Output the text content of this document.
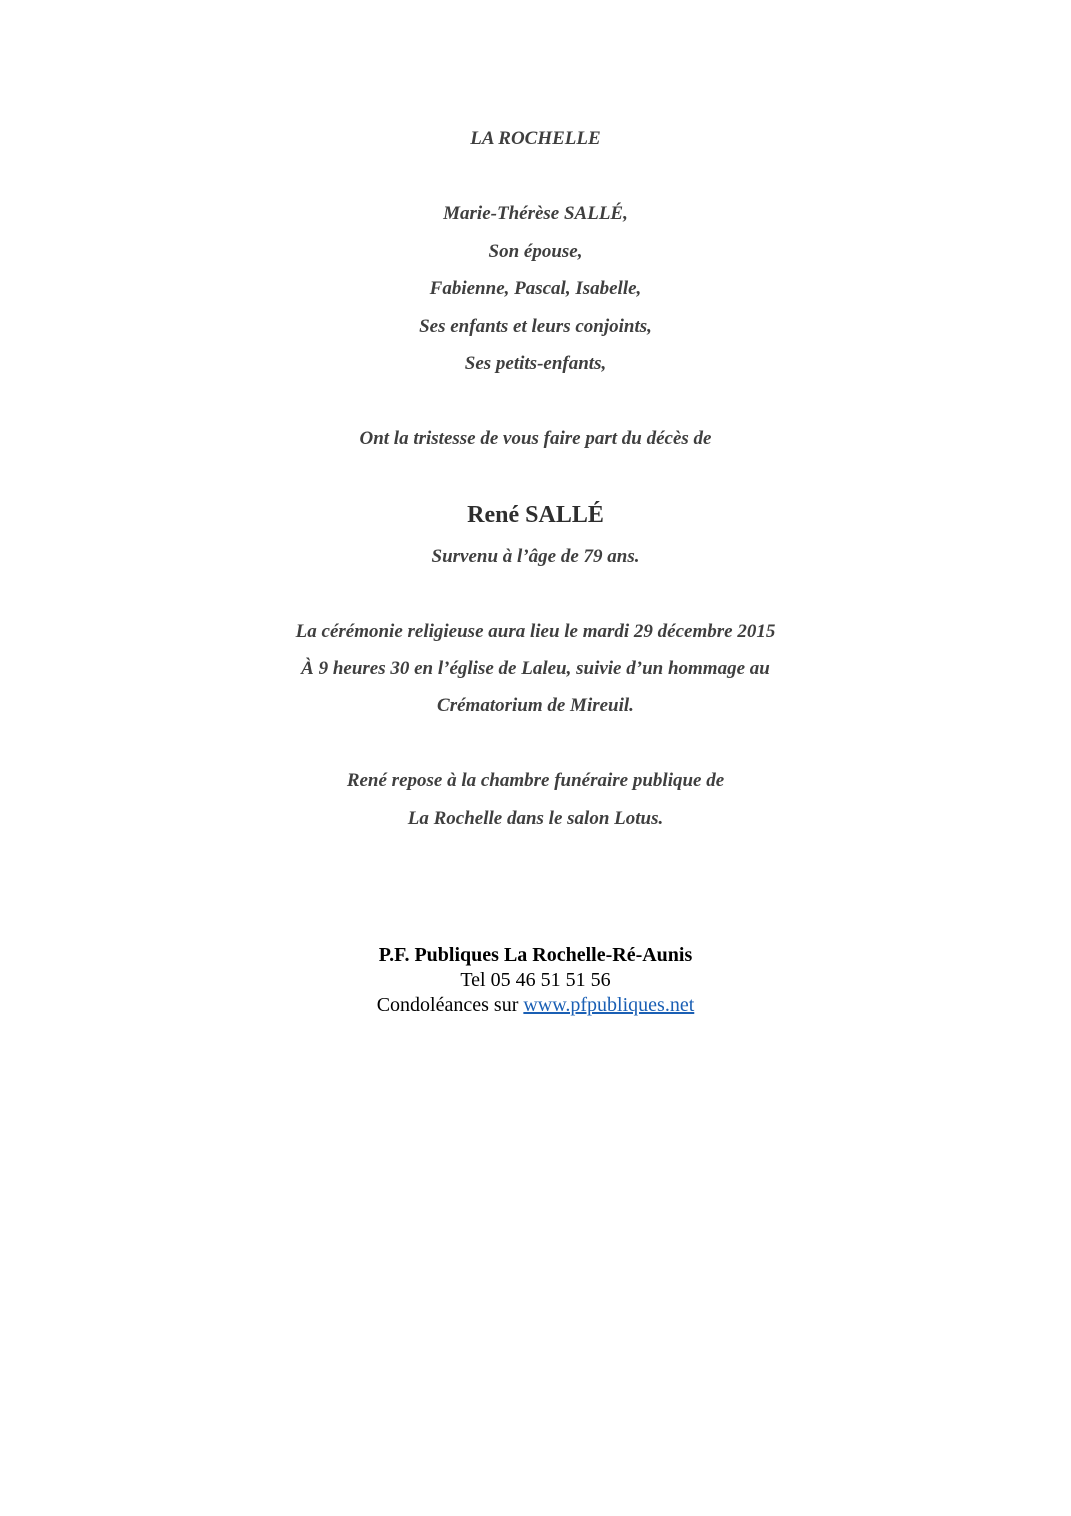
LA ROCHELLE
Marie-Thérèse SALLÉ,
Son épouse,
Fabienne, Pascal, Isabelle,
Ses enfants et leurs conjoints,
Ses petits-enfants,
Ont la tristesse de vous faire part du décès de
René SALLÉ
Survenu à l’âge de 79 ans.
La cérémonie religieuse aura lieu le mardi 29 décembre 2015
À 9 heures 30 en l’église de Laleu, suivie d’un hommage au
Crématorium de Mireuil.
René repose à la chambre funéraire publique de
La Rochelle dans le salon Lotus.
P.F. Publiques La Rochelle-Ré-Aunis
Tel 05 46 51 51 56
Condoléances sur www.pfpubliques.net
